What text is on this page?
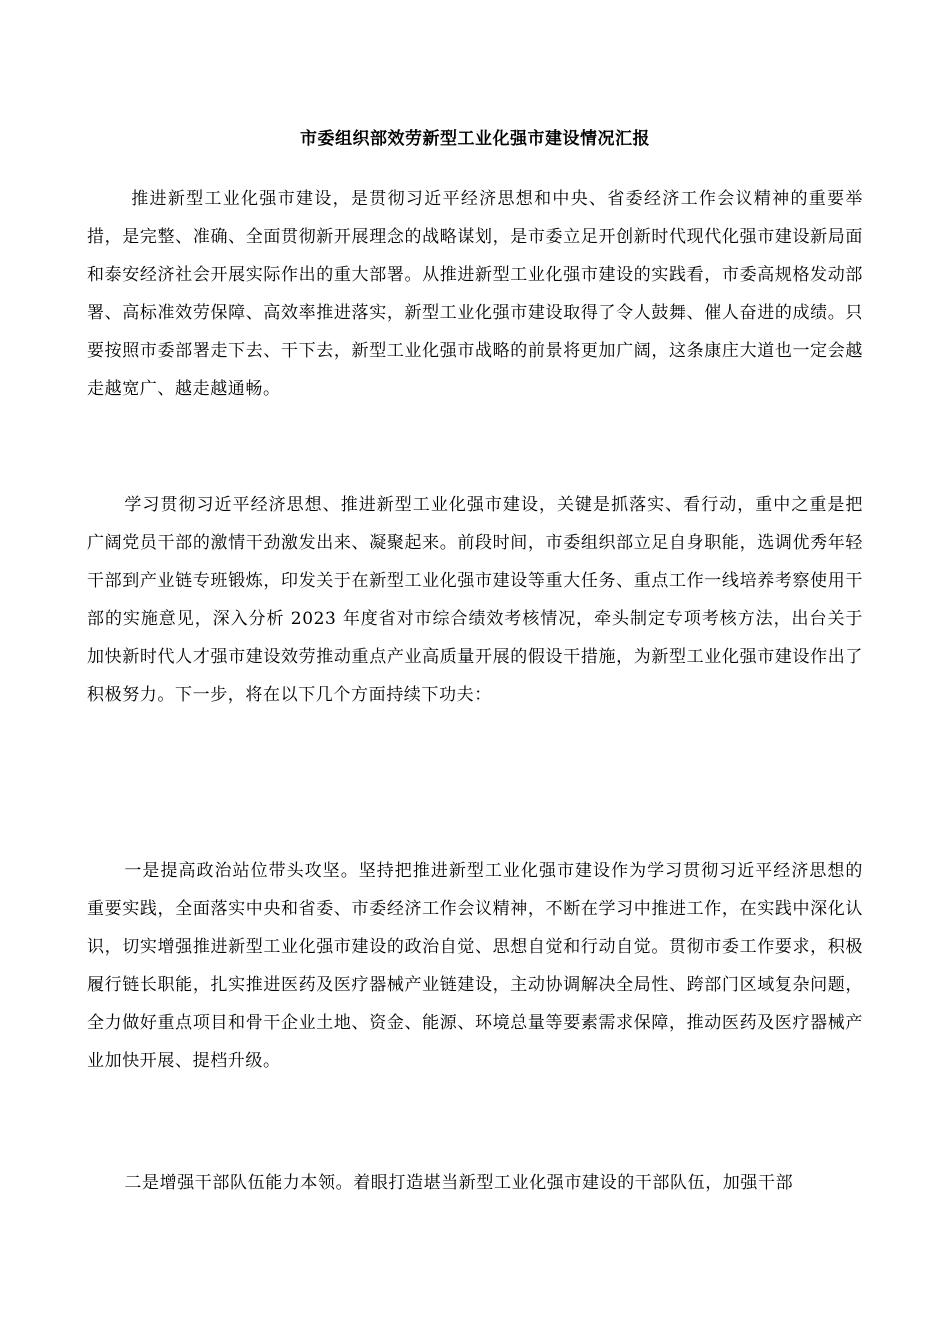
市委组织部效劳新型工业化强市建设情况汇报

推进新型工业化强市建设，是贯彻习近平经济思想和中央、省委经济工作会议精神的重要举措，是完整、准确、全面贯彻新开展理念的战略谋划，是市委立足开创新时代现代化强市建设新局面和泰安经济社会开展实际作出的重大部署。从推进新型工业化强市建设的实践看，市委高规格发动部署、高标准效劳保障、高效率推进落实，新型工业化强市建设取得了令人鼓舞、催人奋进的成绩。只要按照市委部署走下去、干下去，新型工业化强市战略的前景将更加广阔，这条康庄大道也一定会越走越宽广、越走越通畅。

学习贯彻习近平经济思想、推进新型工业化强市建设，关键是抓落实、看行动，重中之重是把广阔党员干部的激情干劲激发出来、凝聚起来。前段时间，市委组织部立足自身职能，选调优秀年轻干部到产业链专班锻炼，印发关于在新型工业化强市建设等重大任务、重点工作一线培养考察使用干部的实施意见，深入分析 2023 年度省对市综合绩效考核情况，牵头制定专项考核方法，出台关于加快新时代人才强市建设效劳推动重点产业高质量开展的假设干措施，为新型工业化强市建设作出了积极努力。下一步，将在以下几个方面持续下功夫：

一是提高政治站位带头攻坚。坚持把推进新型工业化强市建设作为学习贯彻习近平经济思想的重要实践，全面落实中央和省委、市委经济工作会议精神，不断在学习中推进工作，在实践中深化认识，切实增强推进新型工业化强市建设的政治自觉、思想自觉和行动自觉。贯彻市委工作要求，积极履行链长职能，扎实推进医药及医疗器械产业链建设，主动协调解决全局性、跨部门区域复杂问题，全力做好重点项目和骨干企业土地、资金、能源、环境总量等要素需求保障，推动医药及医疗器械产业加快开展、提档升级。

二是增强干部队伍能力本领。着眼打造堪当新型工业化强市建设的干部队伍，加强干部
